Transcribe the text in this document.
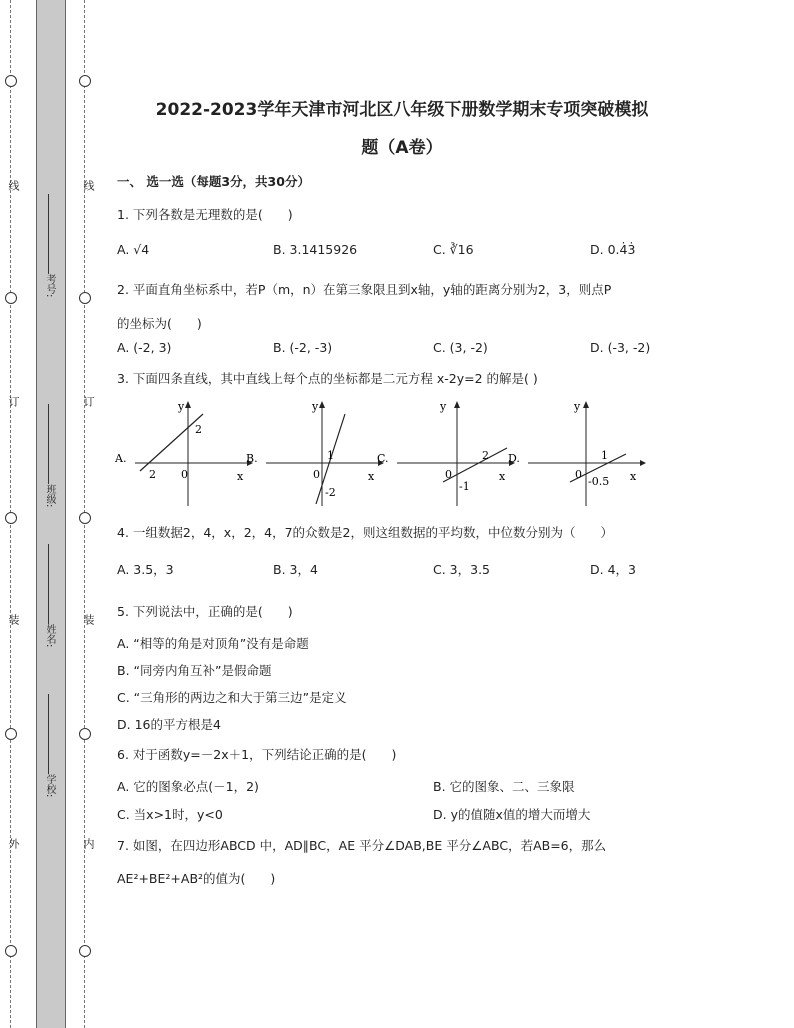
线
订
装
外
线
订
装
内
考号:
班级:
姓名:
学校:
2022-2023学年天津市河北区八年级下册数学期末专项突破模拟
题（A卷）
一、 选一选（每题3分，共30分）
1. 下列各数是无理数的是(　　)
A. √4	B. 3.1415926	C. ∛16	D. 0.4̇3̇
2. 平面直角坐标系中，若P（m，n）在第三象限且到x轴，y轴的距离分别为2，3，则点P
的坐标为(　　)
A. (-2, 3)	B. (-2, -3)	C. (3, -2)	D. (-3, -2)
3. 下面四条直线，其中直线上每个点的坐标都是二元方程 x-2y=2 的解是( )
A.
y
x
2
2 0
B.
y
x
1
0
-2
C.
y
x
2
0
-1
D.
y
x
1
0
-0.5
4. 一组数据2，4，x，2，4，7的众数是2，则这组数据的平均数，中位数分别为（　　）
A. 3.5，3	B. 3，4	C. 3，3.5	D. 4，3
5. 下列说法中，正确的是(　　)
A. “相等的角是对顶角”没有是命题
B. “同旁内角互补”是假命题
C. “三角形的两边之和大于第三边”是定义
D. 16的平方根是4
6. 对于函数y=－2x＋1，下列结论正确的是(　　)
A. 它的图象必点(－1，2)	B. 它的图象、二、三象限
C. 当x>1时，y<0	D. y的值随x值的增大而增大
7. 如图，在四边形ABCD 中，AD∥BC，AE 平分∠DAB,BE 平分∠ABC，若AB=6，那么
AE²+BE²+AB²的值为(　　)
